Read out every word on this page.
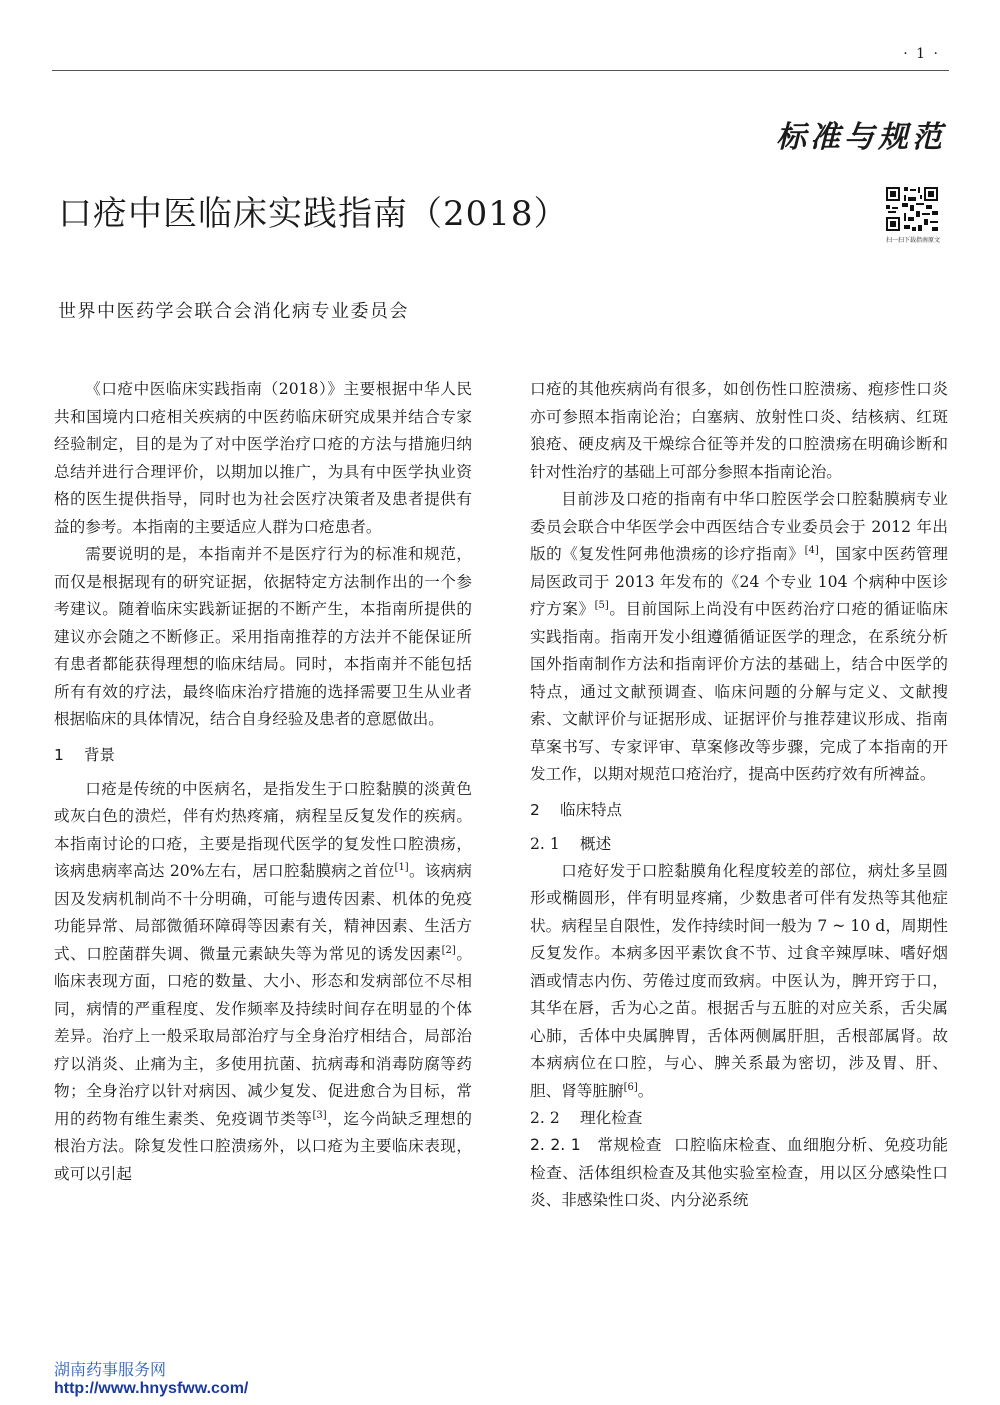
· 1 ·
标准与规范
口疮中医临床实践指南（2018）
扫一扫下载指南原文
世界中医药学会联合会消化病专业委员会

《口疮中医临床实践指南（2018）》主要根据中华人民共和国境内口疮相关疾病的中医药临床研究成果并结合专家经验制定，目的是为了对中医学治疗口疮的方法与措施归纳总结并进行合理评价，以期加以推广，为具有中医学执业资格的医生提供指导，同时也为社会医疗决策者及患者提供有益的参考。本指南的主要适应人群为口疮患者。

需要说明的是，本指南并不是医疗行为的标准和规范，而仅是根据现有的研究证据，依据特定方法制作出的一个参考建议。随着临床实践新证据的不断产生，本指南所提供的建议亦会随之不断修正。采用指南推荐的方法并不能保证所有患者都能获得理想的临床结局。同时，本指南并不能包括所有有效的疗法，最终临床治疗措施的选择需要卫生从业者根据临床的具体情况，结合自身经验及患者的意愿做出。

1 背景

口疮是传统的中医病名，是指发生于口腔黏膜的淡黄色或灰白色的溃烂，伴有灼热疼痛，病程呈反复发作的疾病。本指南讨论的口疮，主要是指现代医学的复发性口腔溃疡，该病患病率高达 20%左右，居口腔黏膜病之首位[1]。该病病因及发病机制尚不十分明确，可能与遗传因素、机体的免疫功能异常、局部微循环障碍等因素有关，精神因素、生活方式、口腔菌群失调、微量元素缺失等为常见的诱发因素[2]。临床表现方面，口疮的数量、大小、形态和发病部位不尽相同，病情的严重程度、发作频率及持续时间存在明显的个体差异。治疗上一般采取局部治疗与全身治疗相结合，局部治疗以消炎、止痛为主，多使用抗菌、抗病毒和消毒防腐等药物；全身治疗以针对病因、减少复发、促进愈合为目标，常用的药物有维生素类、免疫调节类等[3]，迄今尚缺乏理想的根治方法。除复发性口腔溃疡外，以口疮为主要临床表现，或可以引起

口疮的其他疾病尚有很多，如创伤性口腔溃疡、疱疹性口炎亦可参照本指南论治；白塞病、放射性口炎、结核病、红斑狼疮、硬皮病及干燥综合征等并发的口腔溃疡在明确诊断和针对性治疗的基础上可部分参照本指南论治。

目前涉及口疮的指南有中华口腔医学会口腔黏膜病专业委员会联合中华医学会中西医结合专业委员会于 2012 年出版的《复发性阿弗他溃疡的诊疗指南》[4]，国家中医药管理局医政司于 2013 年发布的《24 个专业 104 个病种中医诊疗方案》[5]。目前国际上尚没有中医药治疗口疮的循证临床实践指南。指南开发小组遵循循证医学的理念，在系统分析国外指南制作方法和指南评价方法的基础上，结合中医学的特点，通过文献预调查、临床问题的分解与定义、文献搜索、文献评价与证据形成、证据评价与推荐建议形成、指南草案书写、专家评审、草案修改等步骤，完成了本指南的开发工作，以期对规范口疮治疗，提高中医药疗效有所裨益。

2 临床特点
2. 1 概述

口疮好发于口腔黏膜角化程度较差的部位，病灶多呈圆形或椭圆形，伴有明显疼痛，少数患者可伴有发热等其他症状。病程呈自限性，发作持续时间一般为 7 ~ 10 d，周期性反复发作。本病多因平素饮食不节、过食辛辣厚味、嗜好烟酒或情志内伤、劳倦过度而致病。中医认为，脾开窍于口，其华在唇，舌为心之苗。根据舌与五脏的对应关系，舌尖属心肺，舌体中央属脾胃，舌体两侧属肝胆，舌根部属肾。故本病病位在口腔，与心、脾关系最为密切，涉及胃、肝、胆、肾等脏腑[6]。

2. 2 理化检查

2. 2. 1　常规检查 口腔临床检查、血细胞分析、免疫功能检查、活体组织检查及其他实验室检查，用以区分感染性口炎、非感染性口炎、内分泌系统

湖南药事服务网
http://www.hnysfww.com/
